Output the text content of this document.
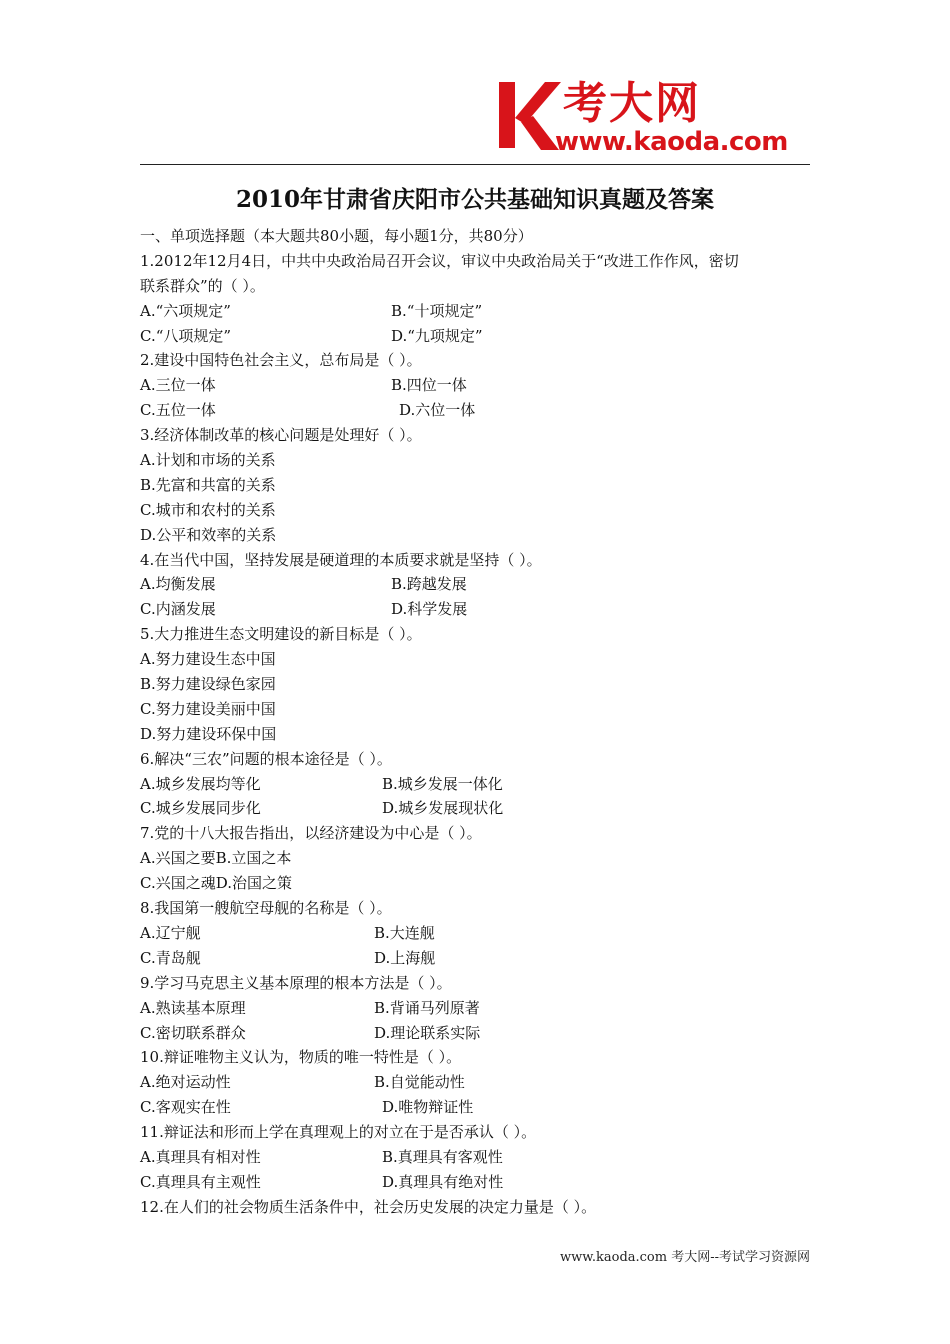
考大网
www.kaoda.com
2010年甘肃省庆阳市公共基础知识真题及答案
一、单项选择题（本大题共80小题，每小题1分，共80分）
1.2012年12月4日，中共中央政治局召开会议，审议中央政治局关于“改进工作作风，密切
联系群众”的（ ）。
A.“六项规定”	B.“十项规定”
C.“八项规定”	D.“九项规定”
2.建设中国特色社会主义，总布局是（ ）。
A.三位一体	B.四位一体
C.五位一体	D.六位一体
3.经济体制改革的核心问题是处理好（ ）。
A.计划和市场的关系
B.先富和共富的关系
C.城市和农村的关系
D.公平和效率的关系
4.在当代中国，坚持发展是硬道理的本质要求就是坚持（ ）。
A.均衡发展	B.跨越发展
C.内涵发展	D.科学发展
5.大力推进生态文明建设的新目标是（ ）。
A.努力建设生态中国
B.努力建设绿色家园
C.努力建设美丽中国
D.努力建设环保中国
6.解决“三农”问题的根本途径是（ ）。
A.城乡发展均等化	B.城乡发展一体化
C.城乡发展同步化	D.城乡发展现状化
7.党的十八大报告指出，以经济建设为中心是（ ）。
A.兴国之要B.立国之本
C.兴国之魂D.治国之策
8.我国第一艘航空母舰的名称是（ ）。
A.辽宁舰	B.大连舰
C.青岛舰	D.上海舰
9.学习马克思主义基本原理的根本方法是（ ）。
A.熟读基本原理	B.背诵马列原著
C.密切联系群众	D.理论联系实际
10.辩证唯物主义认为，物质的唯一特性是（ ）。
A.绝对运动性	B.自觉能动性
C.客观实在性	D.唯物辩证性
11.辩证法和形而上学在真理观上的对立在于是否承认（ ）。
A.真理具有相对性	B.真理具有客观性
C.真理具有主观性	D.真理具有绝对性
12.在人们的社会物质生活条件中，社会历史发展的决定力量是（ ）。
www.kaoda.com 考大网--考试学习资源网
